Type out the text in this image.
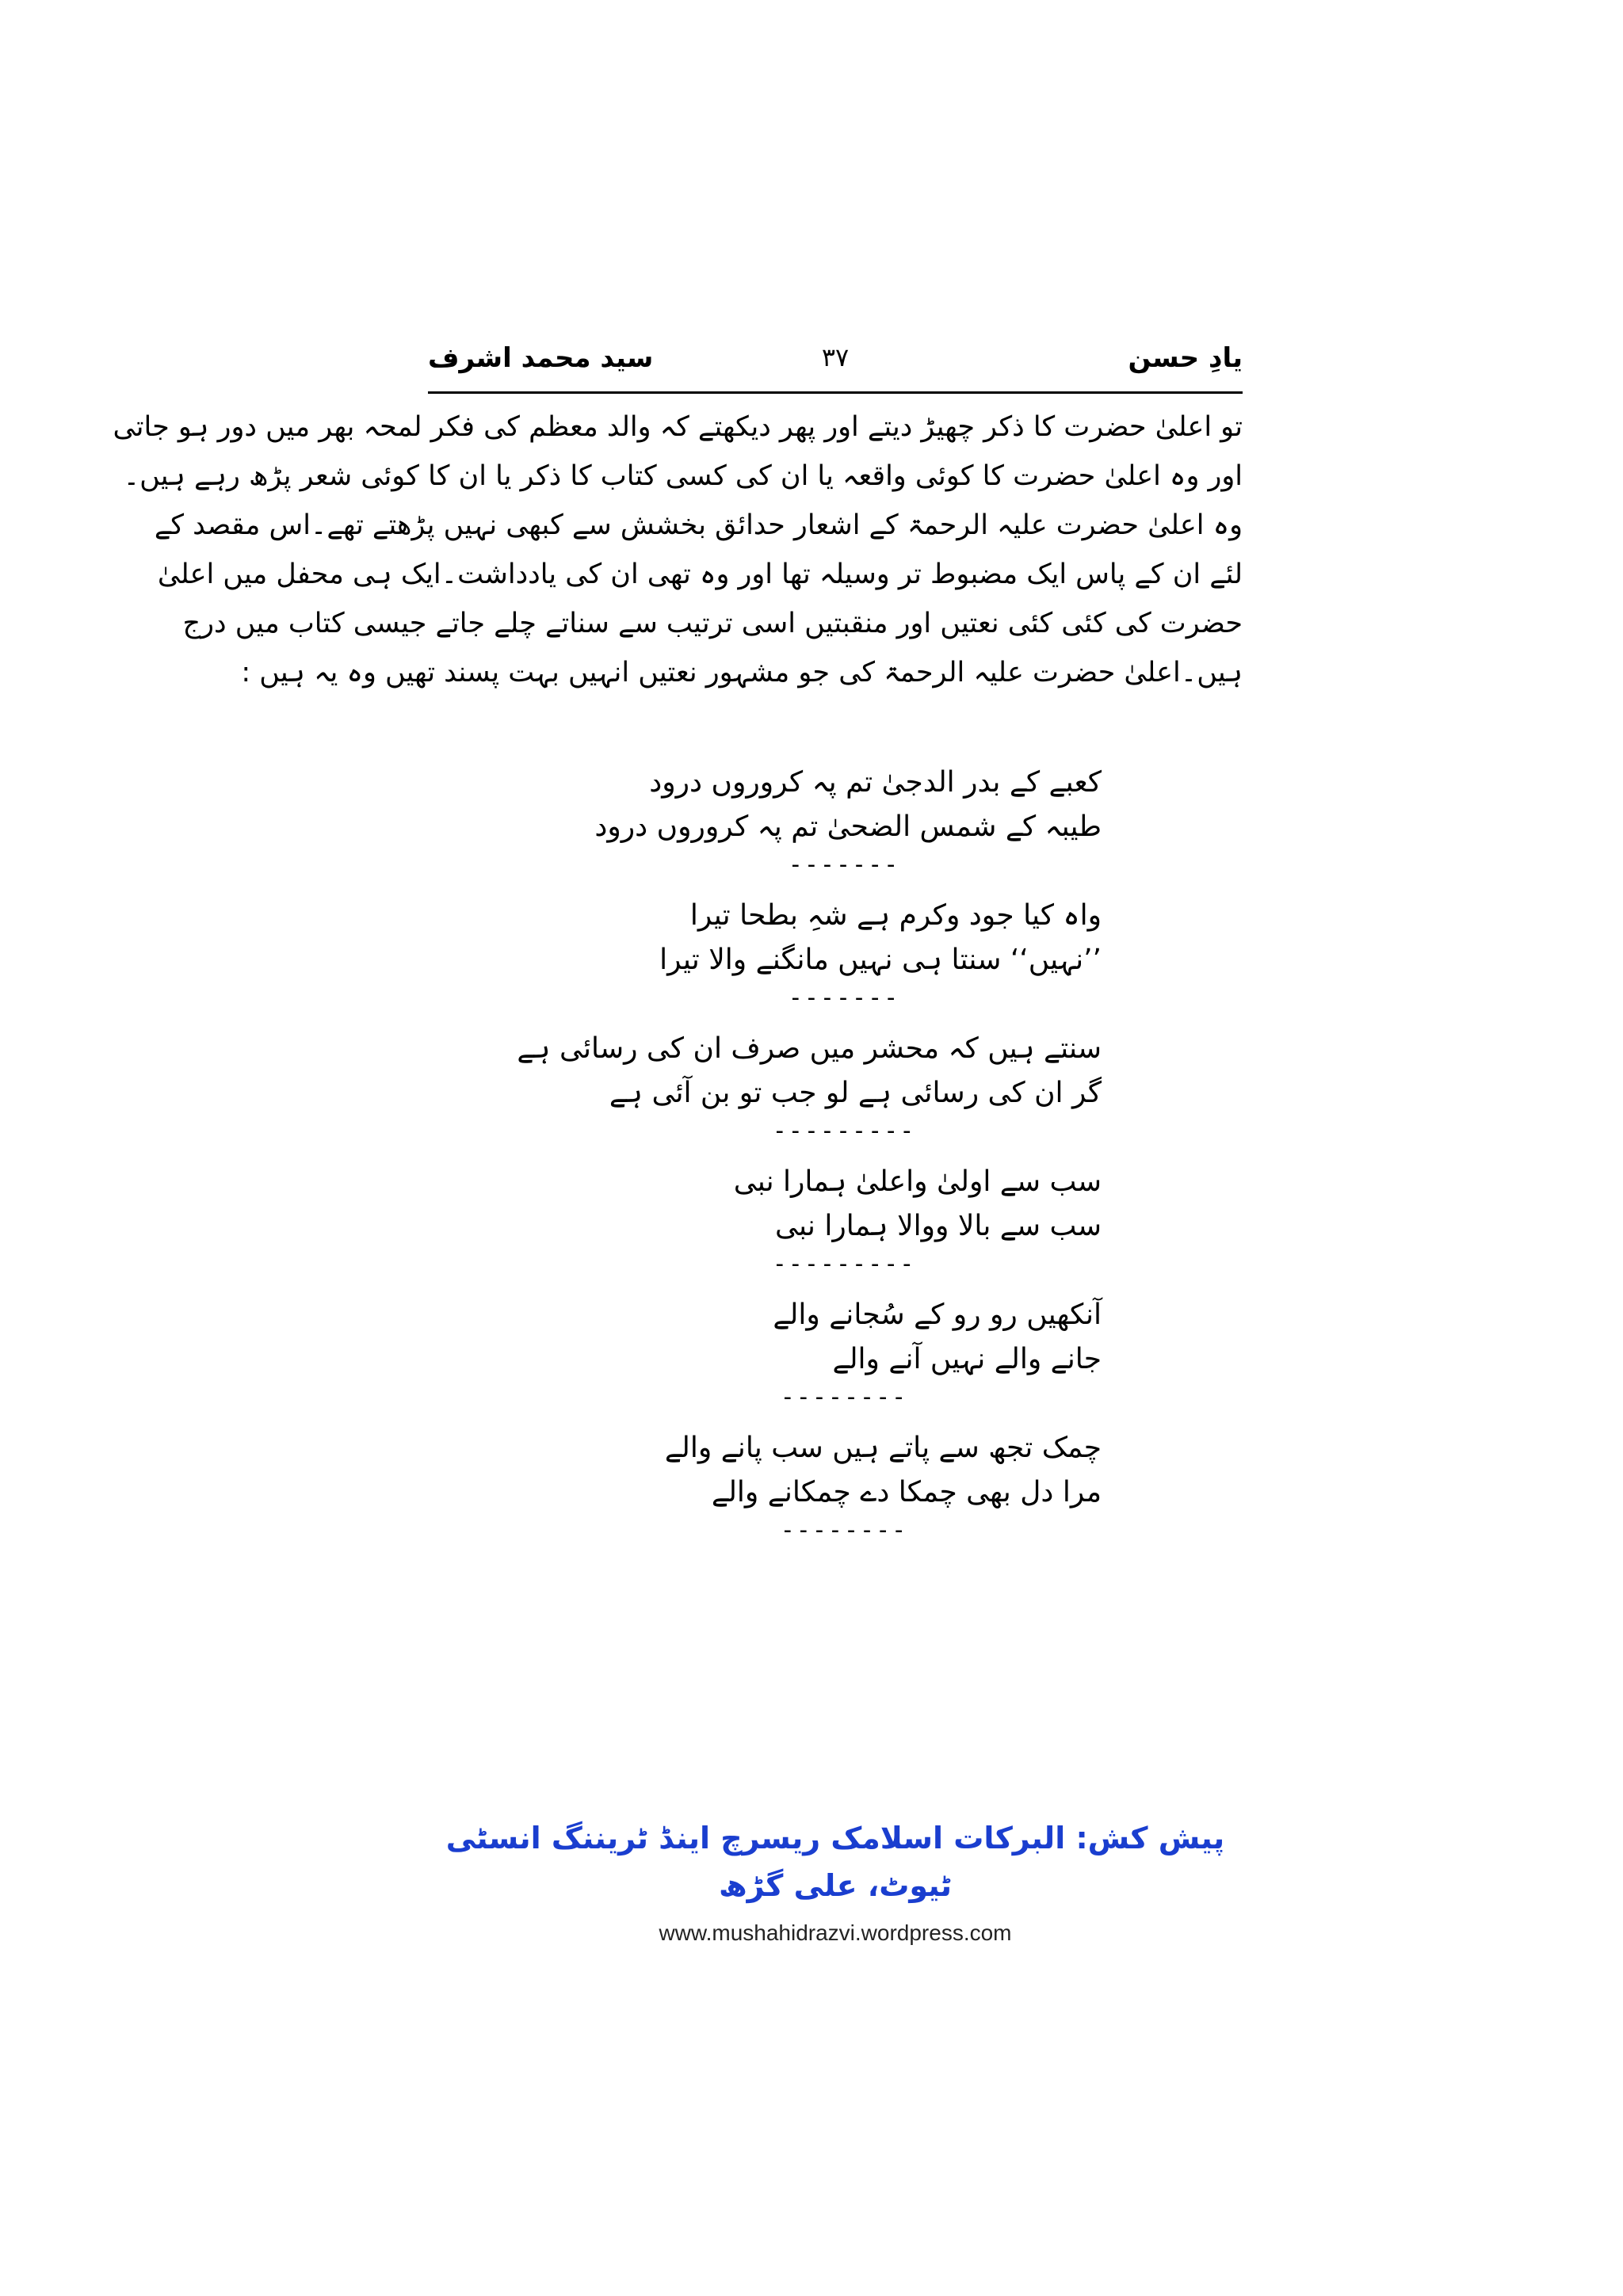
یادِ حسن
۳۷
سید محمد اشرف
تو اعلیٰ حضرت کا ذکر چھیڑ دیتے اور پھر دیکھتے کہ والد معظم کی فکر لمحہ بھر میں دور ہو جاتی
اور وہ اعلیٰ حضرت کا کوئی واقعہ یا ان کی کسی کتاب کا ذکر یا ان کا کوئی شعر پڑھ رہے ہیں۔
وہ اعلیٰ حضرت علیہ الرحمۃ کے اشعار حدائق بخشش سے کبھی نہیں پڑھتے تھے۔اس مقصد کے
لئے ان کے پاس ایک مضبوط تر وسیلہ تھا اور وہ تھی ان کی یادداشت۔ایک ہی محفل میں اعلیٰ
حضرت کی کئی کئی نعتیں اور منقبتیں اسی ترتیب سے سناتے چلے جاتے جیسی کتاب میں درج
ہیں۔اعلیٰ حضرت علیہ الرحمۃ کی جو مشہور نعتیں انہیں بہت پسند تھیں وہ یہ ہیں :
کعبے کے بدر الدجیٰ تم پہ کروروں درود
طیبہ کے شمس الضحیٰ تم پہ کروروں درود
-------
واہ کیا جود وکرم ہے شہِ بطحا تیرا
’’نہیں‘‘ سنتا ہی نہیں مانگنے والا تیرا
-------
سنتے ہیں کہ محشر میں صرف ان کی رسائی ہے
گر ان کی رسائی ہے لو جب تو بن آئی ہے
---------
سب سے اولیٰ واعلیٰ ہمارا نبی
سب سے بالا ووالا ہمارا نبی
---------
آنکھیں رو رو کے سُجانے والے
جانے والے نہیں آنے والے
--------
چمک تجھ سے پاتے ہیں سب پانے والے
مرا دل بھی چمکا دے چمکانے والے
--------
پیش کش: البرکات اسلامک ریسرچ اینڈ ٹریننگ انسٹی ٹیوٹ، علی گڑھ
www.mushahidrazvi.wordpress.com
